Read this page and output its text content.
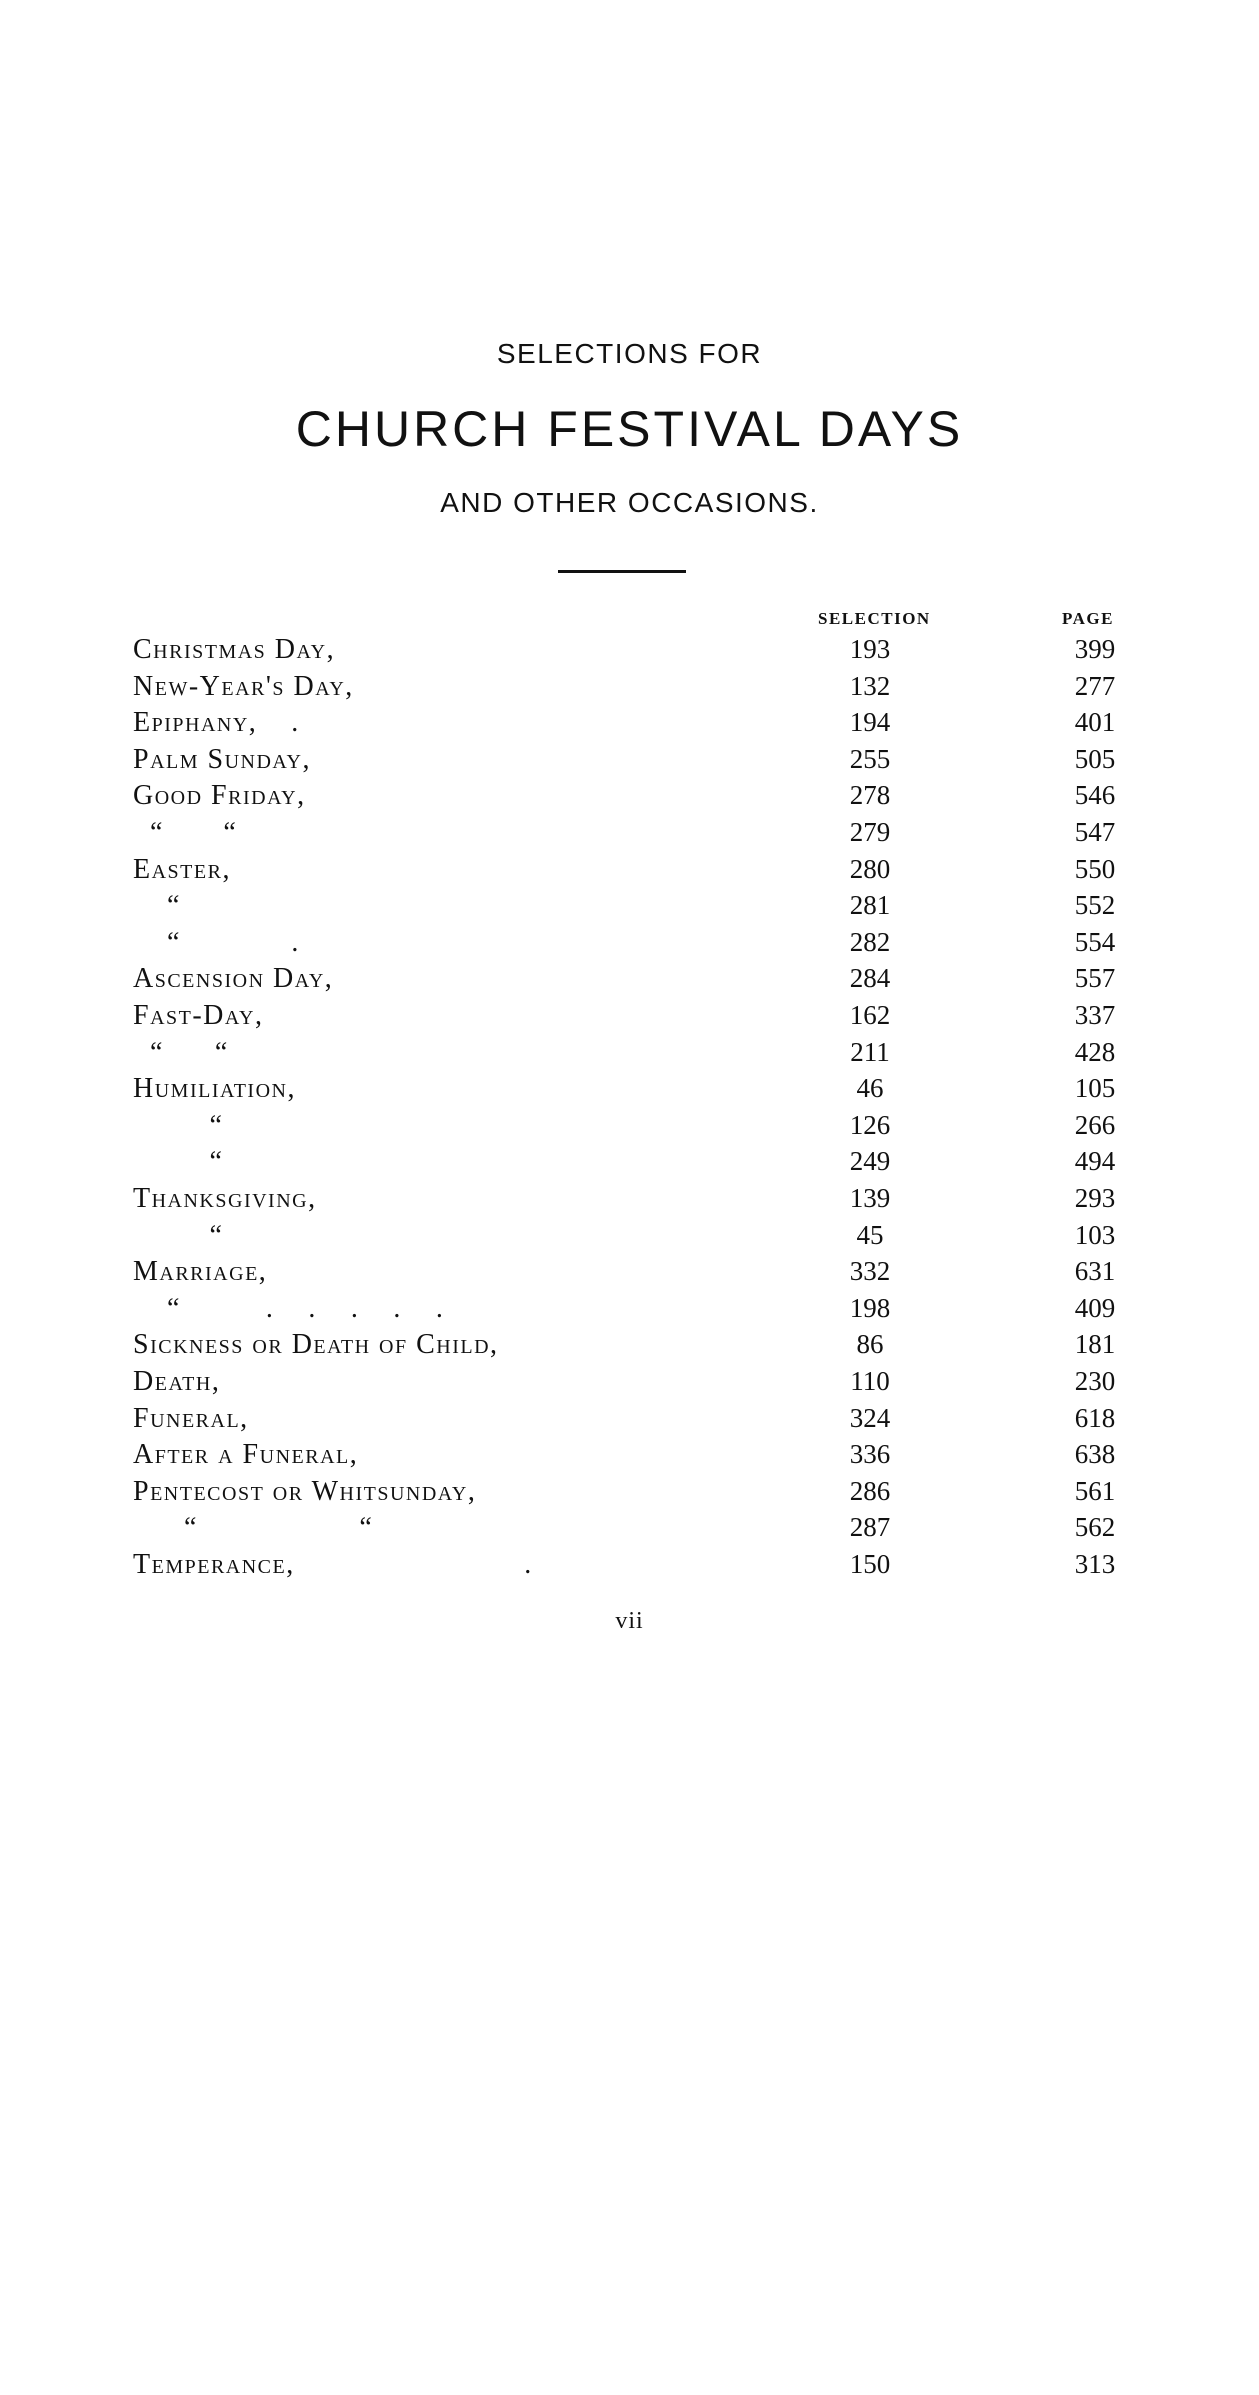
SELECTIONS FOR
CHURCH FESTIVAL DAYS
AND OTHER OCCASIONS.
SELECTION	PAGE
Christmas Day,	193	399
New-Year's Day,	132	277
Epiphany,    .	194	401
Palm Sunday,	255	505
Good Friday,	278	546
“       “	279	547
Easter,	280	550
“	281	552
“             .	282	554
Ascension Day,	284	557
Fast-Day,	162	337
“      “	211	428
Humiliation,	46	105
“	126	266
“	249	494
Thanksgiving,	139	293
“	45	103
Marriage,	332	631
“          .    .    .    .    .	198	409
Sickness or Death of Child,	86	181
Death,	110	230
Funeral,	324	618
After a Funeral,	336	638
Pentecost or Whitsunday,	286	561
“                   “	287	562
Temperance,                           .	150	313
vii
